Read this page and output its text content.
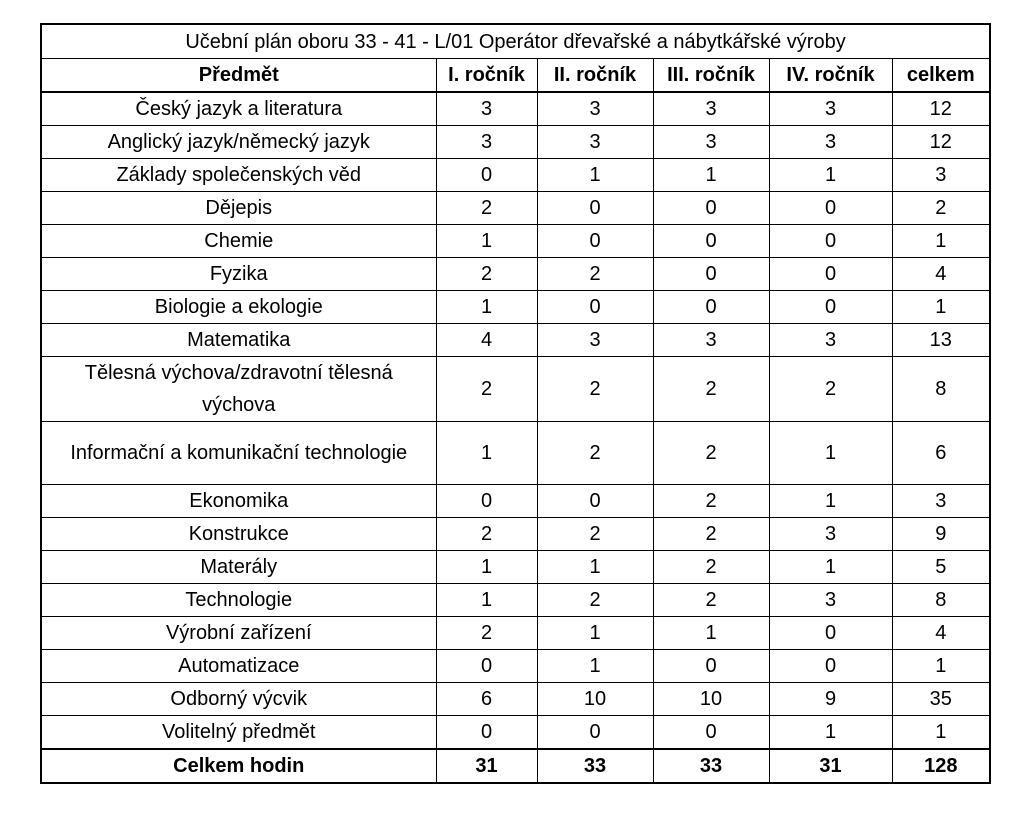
Učební plán oboru 33 - 41 - L/01 Operátor dřevařské a nábytkářské výroby					
Předmět	I. ročník	II. ročník	III. ročník	IV. ročník	celkem
Český jazyk a literatura	3	3	3	3	12
Anglický jazyk/německý jazyk	3	3	3	3	12
Základy společenských věd	0	1	1	1	3
Dějepis	2	0	0	0	2
Chemie	1	0	0	0	1
Fyzika	2	2	0	0	4
Biologie a ekologie	1	0	0	0	1
Matematika	4	3	3	3	13
Tělesná výchova/zdravotní tělesná výchova	2	2	2	2	8
Informační a komunikační technologie	1	2	2	1	6
Ekonomika	0	0	2	1	3
Konstrukce	2	2	2	3	9
Materály	1	1	2	1	5
Technologie	1	2	2	3	8
Výrobní zařízení	2	1	1	0	4
Automatizace	0	1	0	0	1
Odborný výcvik	6	10	10	9	35
Volitelný předmět	0	0	0	1	1
Celkem hodin	31	33	33	31	128
